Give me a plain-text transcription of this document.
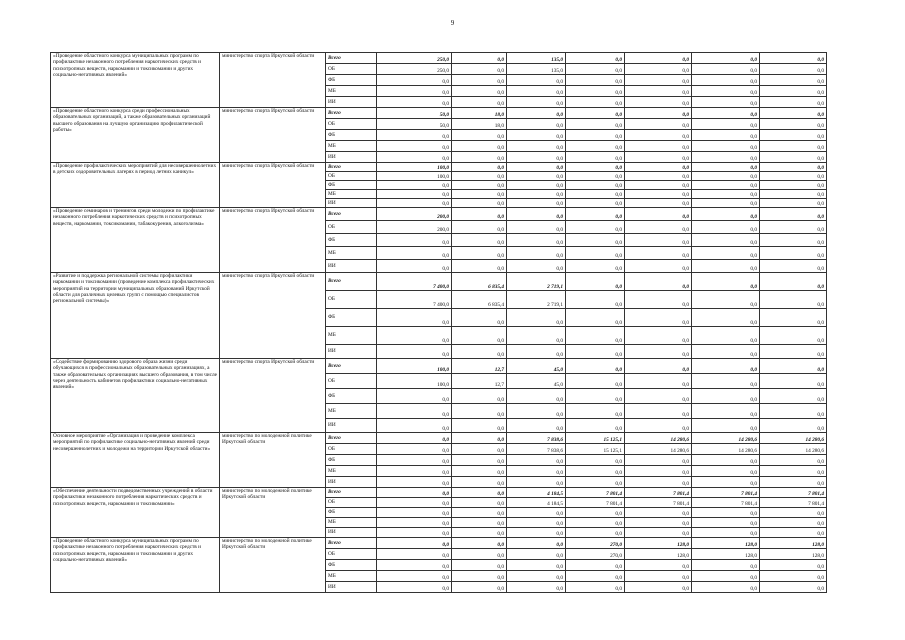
9
«Проведение областного конкурса муниципальных программ по профилактике незаконного потребления наркотических средств и психотропных веществ, наркомании и токсикомании и других социально-негативных явлений»	министерство спорта Иркутской области	Всего	250,0	0,0	135,0	0,0	0,0	0,0	0,0
		ОБ	250,0	0,0	135,0	0,0	0,0	0,0	0,0
		ФБ	0,0	0,0	0,0	0,0	0,0	0,0	0,0
		МБ	0,0	0,0	0,0	0,0	0,0	0,0	0,0
		ИИ	0,0	0,0	0,0	0,0	0,0	0,0	0,0
«Проведение областного конкурса среди профессиональных образовательных организаций, а также образовательных организаций высшего образования на лучшую организацию профилактической работы»	министерство спорта Иркутской области	Всего	50,0	18,0	0,0	0,0	0,0	0,0	0,0
		ОБ	50,0	18,0	0,0	0,0	0,0	0,0	0,0
		ФБ	0,0	0,0	0,0	0,0	0,0	0,0	0,0
		МБ	0,0	0,0	0,0	0,0	0,0	0,0	0,0
		ИИ	0,0	0,0	0,0	0,0	0,0	0,0	0,0
«Проведение профилактических мероприятий для несовершеннолетних в детских оздоровительных лагерях в период летних каникул»	министерство спорта Иркутской области	Всего	100,0	0,0	0,0	0,0	0,0	0,0	0,0
		ОБ	100,0	0,0	0,0	0,0	0,0	0,0	0,0
		ФБ	0,0	0,0	0,0	0,0	0,0	0,0	0,0
		МБ	0,0	0,0	0,0	0,0	0,0	0,0	0,0
		ИИ	0,0	0,0	0,0	0,0	0,0	0,0	0,0
«Проведение семинаров и тренингов среди молодежи по профилактике незаконного потребления наркотических средств и психотропных веществ, наркомании, токсикомании, табакокурения, алкоголизма»	министерство спорта Иркутской области	Всего	200,0	0,0	0,0	0,0	0,0	0,0	0,0
		ОБ	200,0	0,0	0,0	0,0	0,0	0,0	0,0
		ФБ	0,0	0,0	0,0	0,0	0,0	0,0	0,0
		МБ	0,0	0,0	0,0	0,0	0,0	0,0	0,0
		ИИ	0,0	0,0	0,0	0,0	0,0	0,0	0,0
«Развитие и поддержка региональной системы профилактики наркомании и токсикомании (проведение комплекса профилактических мероприятий на территории муниципальных образований Иркутской области для различных целевых групп с помощью специалистов региональной системы)»	министерство спорта Иркутской области	Всего	7 400,0	6 835,4	2 719,1	0,0	0,0	0,0	0,0
		ОБ	7 400,0	6 835,4	2 719,1	0,0	0,0	0,0	0,0
		ФБ	0,0	0,0	0,0	0,0	0,0	0,0	0,0
		МБ	0,0	0,0	0,0	0,0	0,0	0,0	0,0
		ИИ	0,0	0,0	0,0	0,0	0,0	0,0	0,0
«Содействие формированию здорового образа жизни среди обучающихся в профессиональных образовательных организациях, а также образовательных организациях высшего образования, в том числе через деятельность кабинетов профилактики социально-негативных явлений»	министерство спорта Иркутской области	Всего	100,0	12,7	45,0	0,0	0,0	0,0	0,0
		ОБ	100,0	12,7	45,0	0,0	0,0	0,0	0,0
		ФБ	0,0	0,0	0,0	0,0	0,0	0,0	0,0
		МБ	0,0	0,0	0,0	0,0	0,0	0,0	0,0
		ИИ	0,0	0,0	0,0	0,0	0,0	0,0	0,0
Основное мероприятие «Организация и проведение комплекса мероприятий по профилактике социально-негативных явлений среди несовершеннолетних и молодежи на территории Иркутской области»	министерство по молодежной политике Иркутской области	Всего	0,0	0,0	7 838,6	15 125,1	14 280,6	14 280,6	14 280,6
		ОБ	0,0	0,0	7 838,6	15 125,1	14 280,6	14 280,6	14 280,6
		ФБ	0,0	0,0	0,0	0,0	0,0	0,0	0,0
		МБ	0,0	0,0	0,0	0,0	0,0	0,0	0,0
		ИИ	0,0	0,0	0,0	0,0	0,0	0,0	0,0
«Обеспечение деятельности подведомственных учреждений в области профилактики незаконного потребления наркотических средств и психотропных веществ, наркомании и токсикомании»	министерство по молодежной политике Иркутской области	Всего	0,0	0,0	4 184,5	7 801,4	7 801,4	7 801,4	7 801,4
		ОБ	0,0	0,0	4 184,5	7 801,4	7 801,4	7 801,4	7 801,4
		ФБ	0,0	0,0	0,0	0,0	0,0	0,0	0,0
		МБ	0,0	0,0	0,0	0,0	0,0	0,0	0,0
		ИИ	0,0	0,0	0,0	0,0	0,0	0,0	0,0
«Проведение областного конкурса муниципальных программ по профилактике незаконного потребления наркотических средств и психотропных веществ, наркомании и токсикомании и других социально-негативных явлений»	министерство по молодежной политике Иркутской области	Всего	0,0	0,0	0,0	270,0	128,0	128,0	128,0
		ОБ	0,0	0,0	0,0	270,0	128,0	128,0	128,0
		ФБ	0,0	0,0	0,0	0,0	0,0	0,0	0,0
		МБ	0,0	0,0	0,0	0,0	0,0	0,0	0,0
		ИИ	0,0	0,0	0,0	0,0	0,0	0,0	0,0
